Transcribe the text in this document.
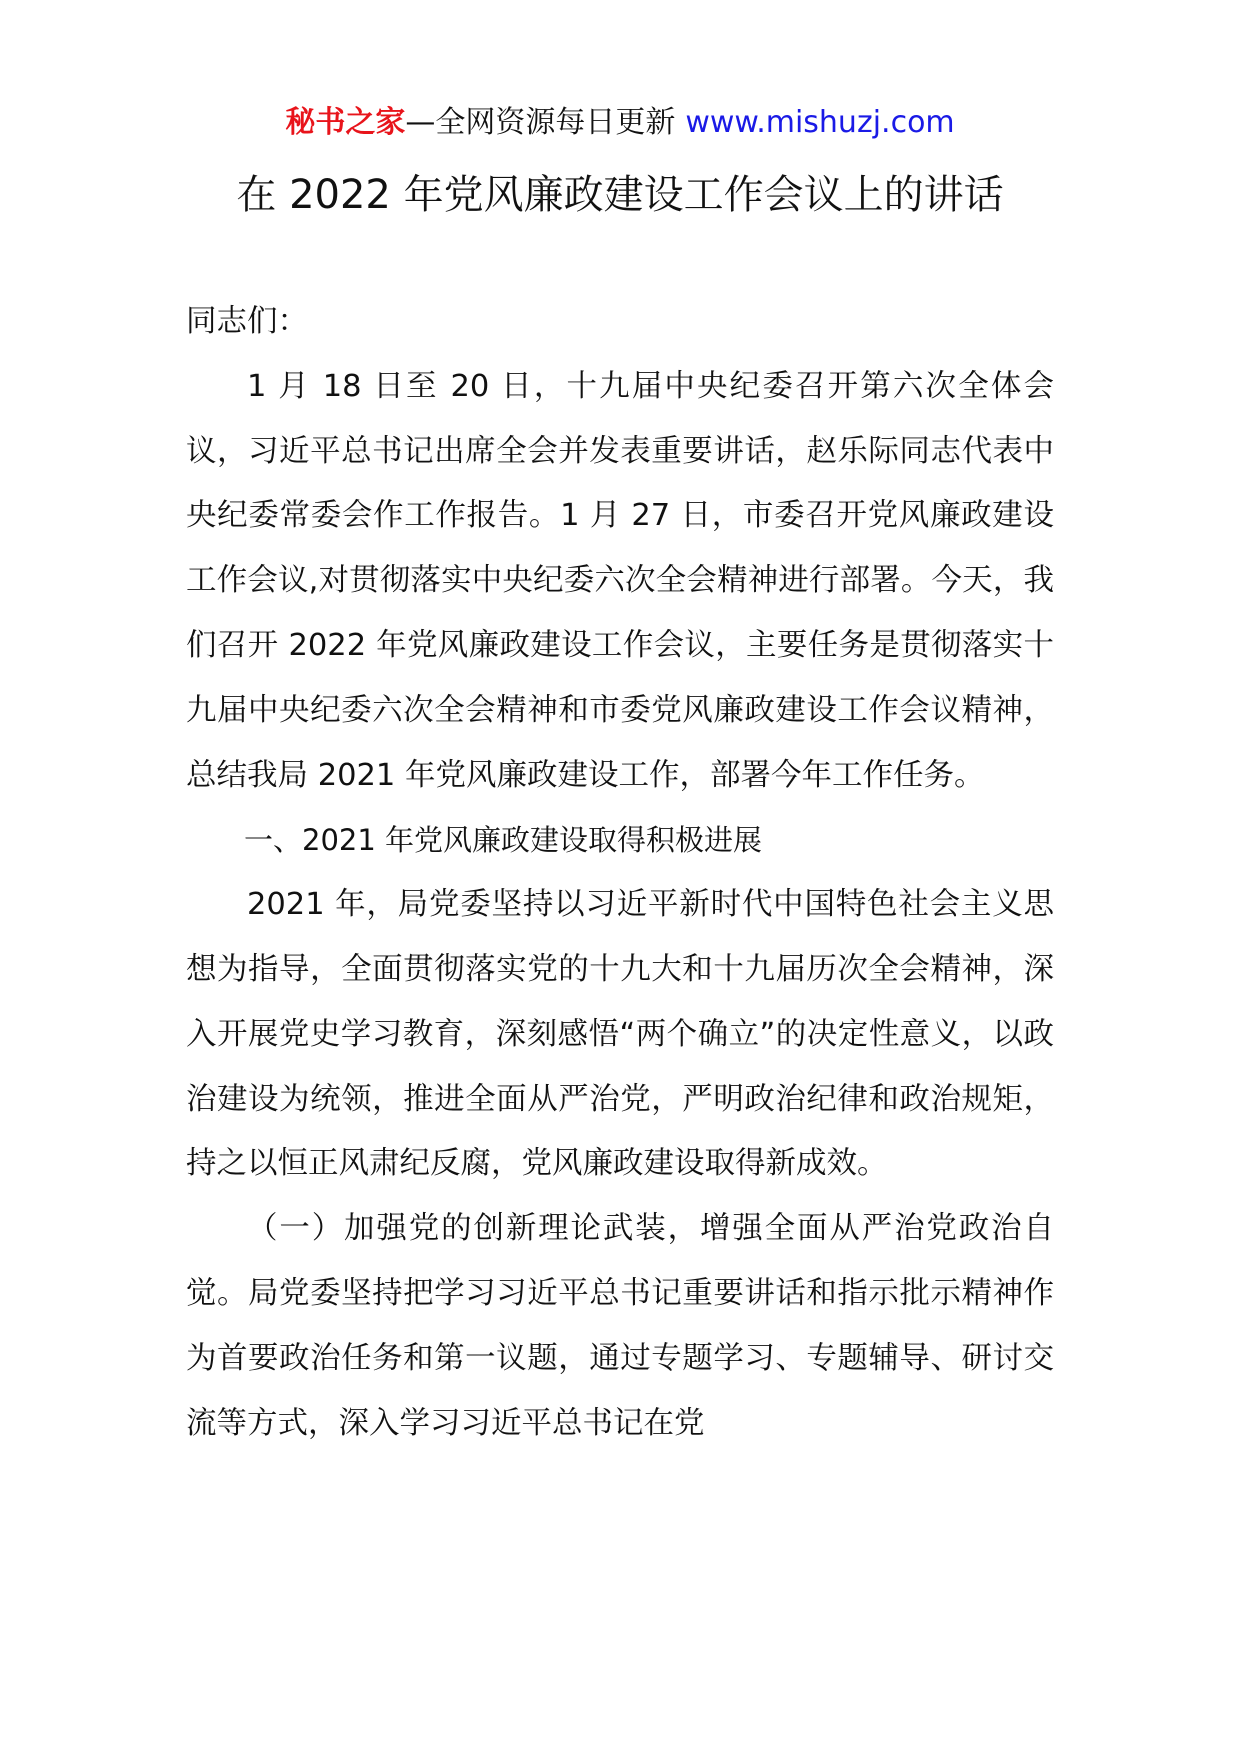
秘书之家—全网资源每日更新 www.mishuzj.com
在 2022 年党风廉政建设工作会议上的讲话

同志们：

1 月 18 日至 20 日，十九届中央纪委召开第六次全体会议，习近平总书记出席全会并发表重要讲话，赵乐际同志代表中央纪委常委会作工作报告。1 月 27 日，市委召开党风廉政建设工作会议,对贯彻落实中央纪委六次全会精神进行部署。今天，我们召开 2022 年党风廉政建设工作会议，主要任务是贯彻落实十九届中央纪委六次全会精神和市委党风廉政建设工作会议精神，总结我局 2021 年党风廉政建设工作，部署今年工作任务。

一、2021 年党风廉政建设取得积极进展

2021 年，局党委坚持以习近平新时代中国特色社会主义思想为指导，全面贯彻落实党的十九大和十九届历次全会精神，深入开展党史学习教育，深刻感悟“两个确立”的决定性意义，以政治建设为统领，推进全面从严治党，严明政治纪律和政治规矩，持之以恒正风肃纪反腐，党风廉政建设取得新成效。

（一）加强党的创新理论武装，增强全面从严治党政治自觉。局党委坚持把学习习近平总书记重要讲话和指示批示精神作为首要政治任务和第一议题，通过专题学习、专题辅导、研讨交流等方式，深入学习习近平总书记在党
